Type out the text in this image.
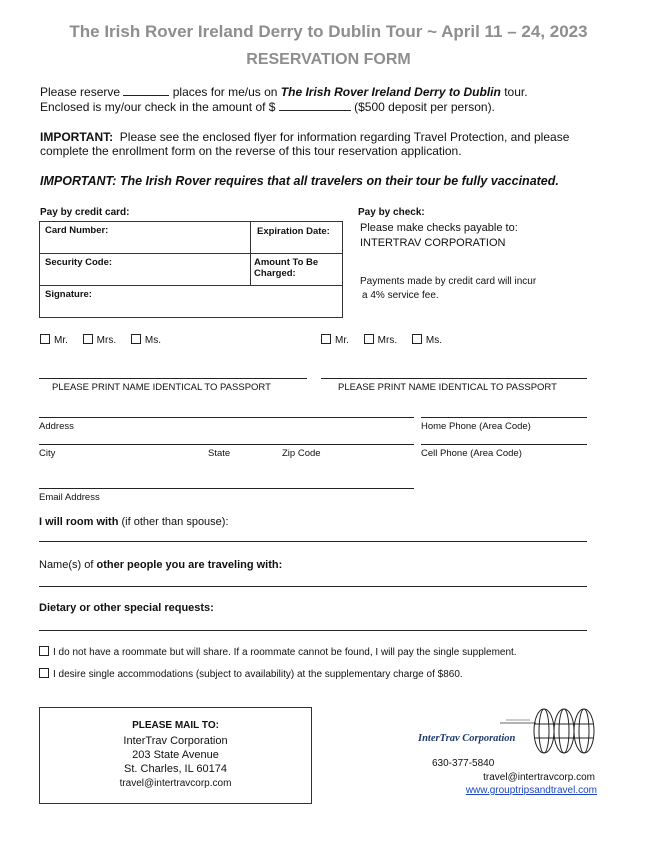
The Irish Rover Ireland Derry to Dublin Tour ~ April 11 – 24, 2023
RESERVATION FORM
Please reserve	places for me/us on The Irish Rover Ireland Derry to Dublin tour.
Enclosed is my/our check in the amount of $	($500 deposit per person).
IMPORTANT: Please see the enclosed flyer for information regarding Travel Protection, and please
complete the enrollment form on the reverse of this tour reservation application.
IMPORTANT: The Irish Rover requires that all travelers on their tour be fully vaccinated.
Pay by credit card:
Card Number:	Expiration Date:
Security Code:	Amount To Be
Charged:
Signature:
Pay by check:
Please make checks payable to:
INTERTRAV CORPORATION
Payments made by credit card will incur
a 4% service fee.
Mr.	Mrs.	Ms.	Mr.	Mrs.	Ms.
PLEASE PRINT NAME IDENTICAL TO PASSPORT	PLEASE PRINT NAME IDENTICAL TO PASSPORT
Address	Home Phone (Area Code)
City	State	Zip Code	Cell Phone (Area Code)
Email Address
I will room with (if other than spouse):
Name(s) of other people you are traveling with:
Dietary or other special requests:
I do not have a roommate but will share. If a roommate cannot be found, I will pay the single supplement.
I desire single accommodations (subject to availability) at the supplementary charge of $860.
PLEASE MAIL TO:
InterTrav Corporation
203 State Avenue
St. Charles, IL 60174
travel@intertravcorp.com
InterTrav Corporation
630-377-5840
travel@intertravcorp.com
www.grouptripsandtravel.com
